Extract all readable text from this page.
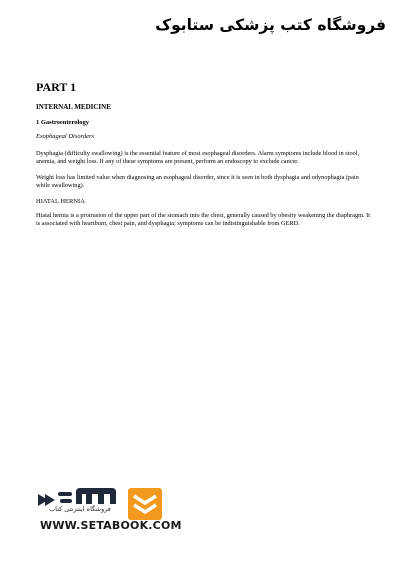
فروشگاه کتب پزشکی ستابوک
PART 1
INTERNAL MEDICINE
1 Gastroenterology
Esophageal Disorders

Dysphagia (difficulty swallowing) is the essential feature of most esophageal disorders. Alarm symptoms include blood in stool, anemia, and weight loss. If any of these symptoms are present, perform an endoscopy to exclude cancer.

Weight loss has limited value when diagnosing an esophageal disorder, since it is seen in both dysphagia and odynophagia (pain while swallowing).

HIATAL HERNIA

Hiatal hernia is a protrusion of the upper part of the stomach into the chest, generally caused by obesity weakening the diaphragm. It is associated with heartburn, chest pain, and dysphagia; symptoms can be indistinguishable from GERD.

فروشگاه اینترنتی کتاب
WWW.SETABOOK.COM
